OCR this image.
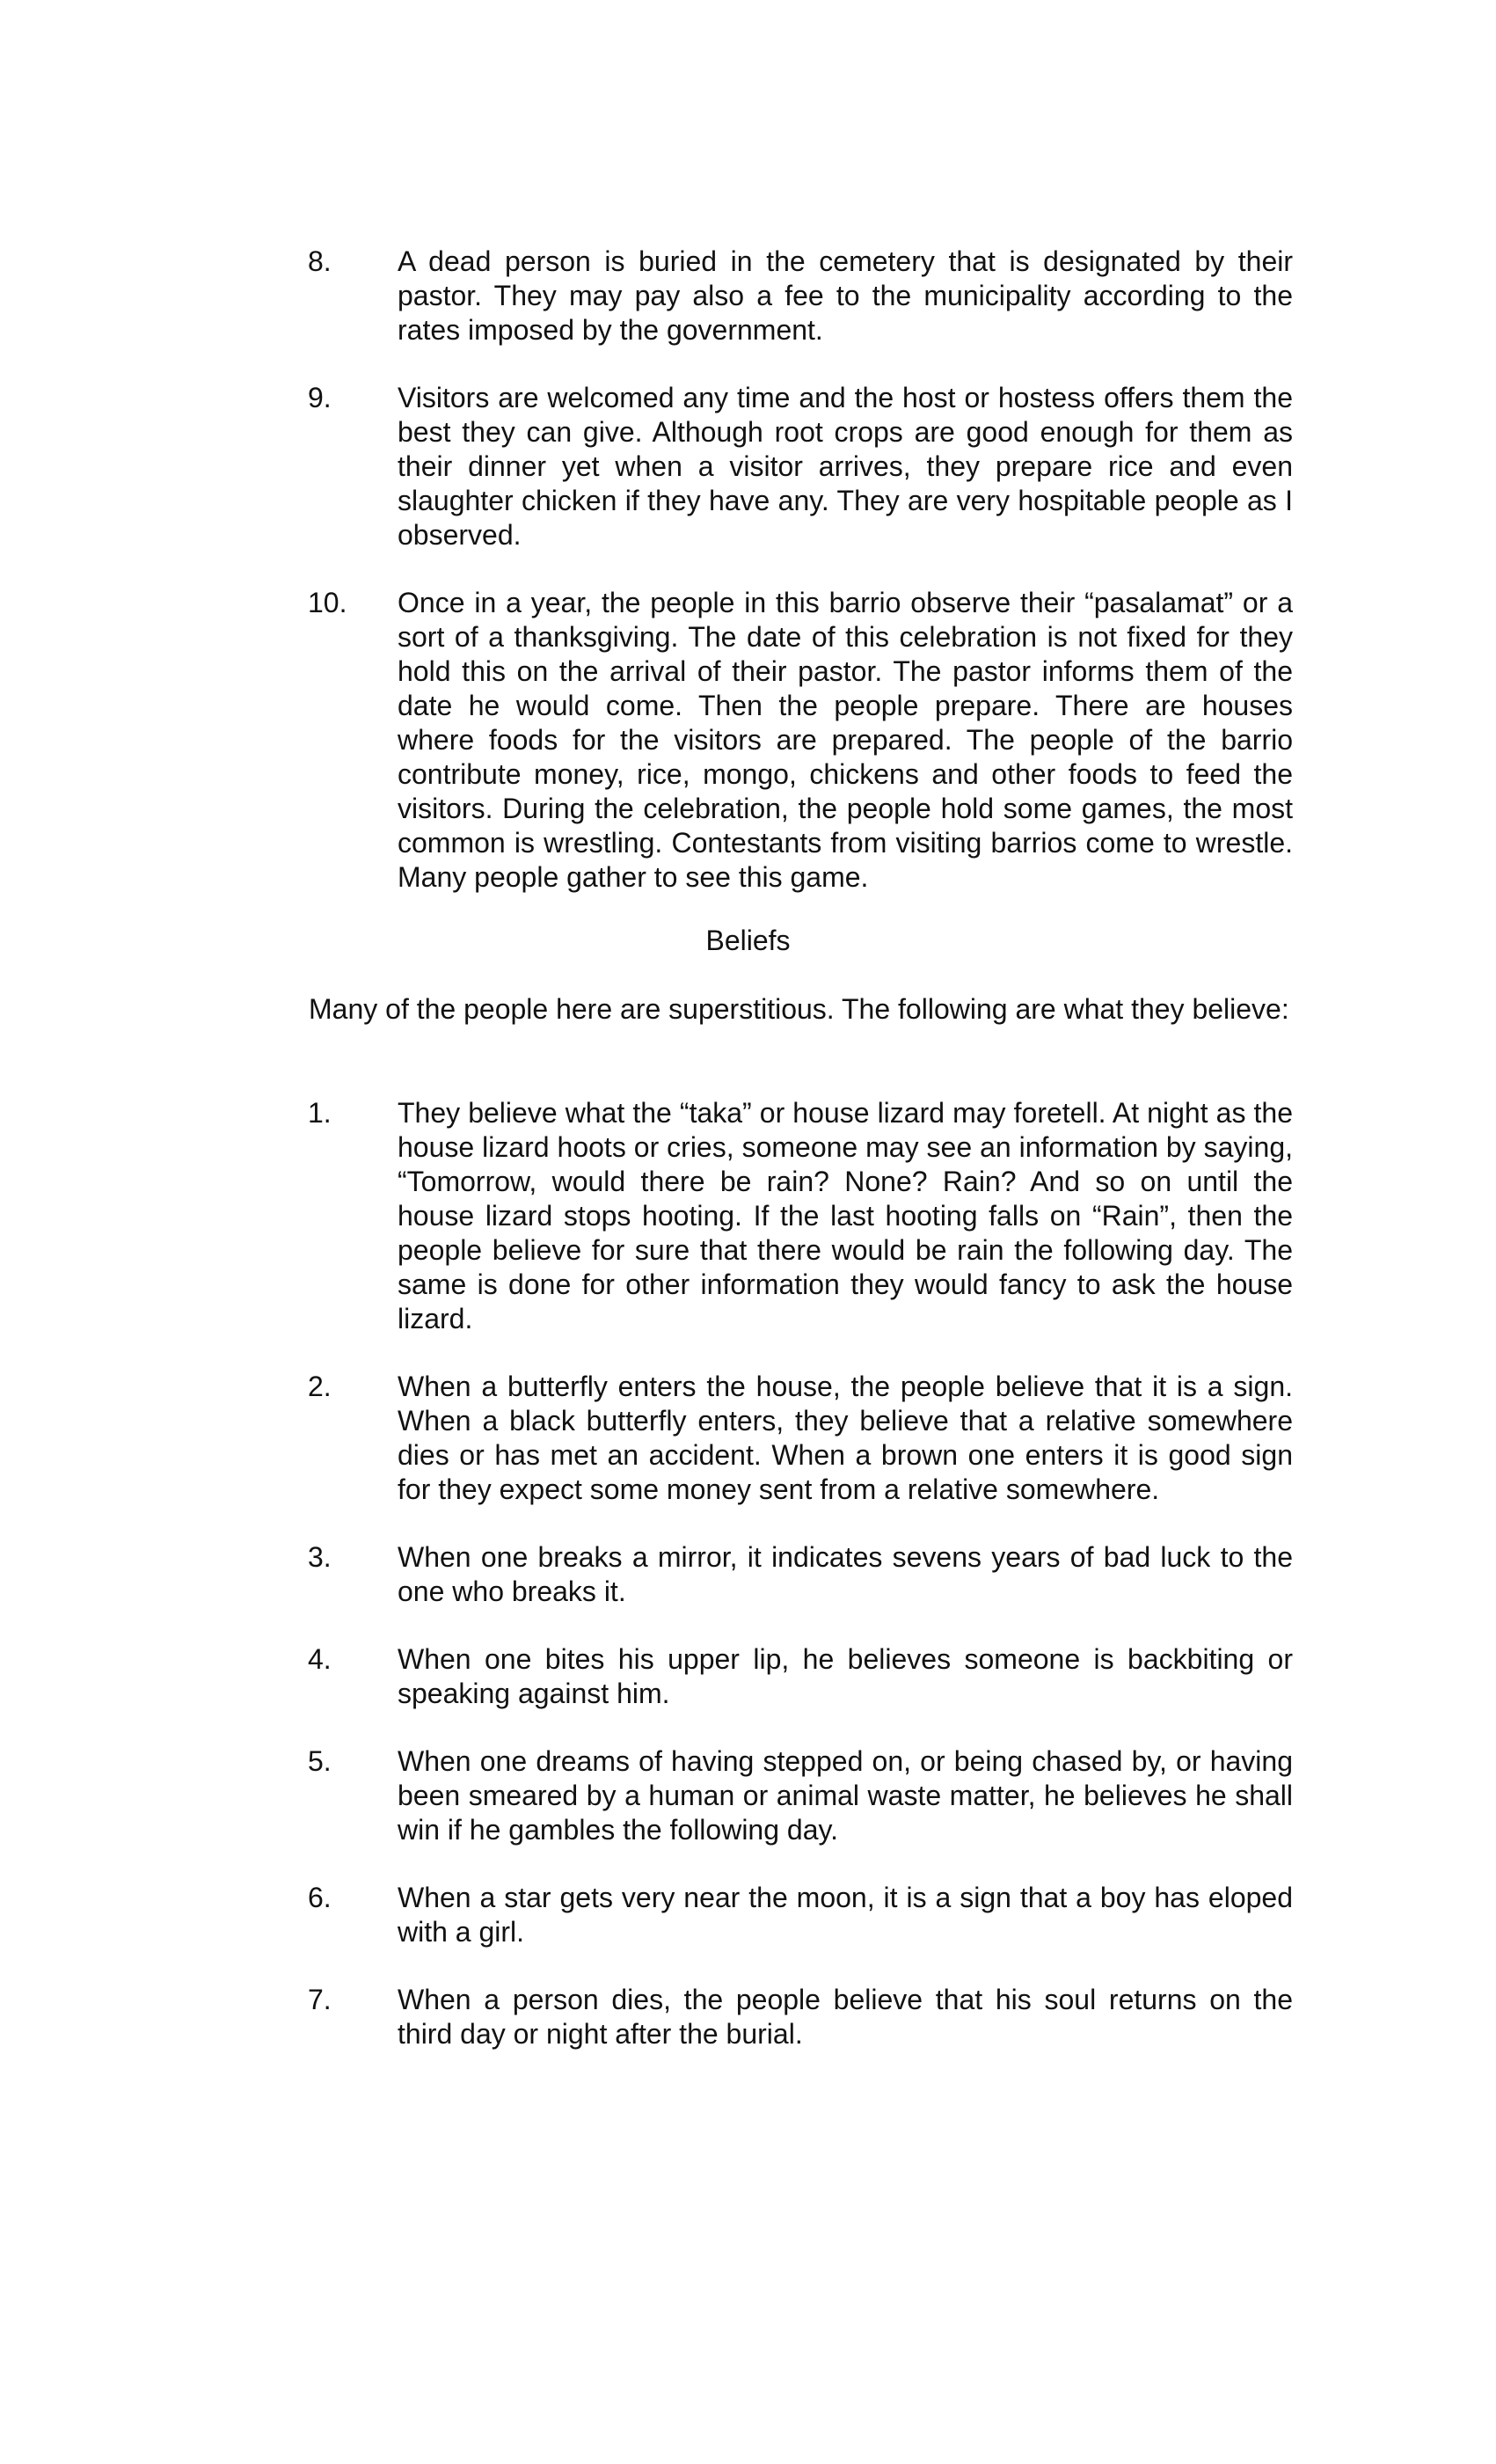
8. A dead person is buried in the cemetery that is designated by their pastor. They may pay also a fee to the municipality according to the rates imposed by the government.
9. Visitors are welcomed any time and the host or hostess offers them the best they can give. Although root crops are good enough for them as their dinner yet when a visitor arrives, they prepare rice and even slaughter chicken if they have any. They are very hospitable people as I observed.
10. Once in a year, the people in this barrio observe their “pasalamat” or a sort of a thanksgiving. The date of this celebration is not fixed for they hold this on the arrival of their pastor. The pastor informs them of the date he would come. Then the people prepare. There are houses where foods for the visitors are prepared. The people of the barrio contribute money, rice, mongo, chickens and other foods to feed the visitors. During the celebration, the people hold some games, the most common is wrestling. Contestants from visiting barrios come to wrestle. Many people gather to see this game.
Beliefs
Many of the people here are superstitious. The following are what they believe:
1. They believe what the “taka” or house lizard may foretell. At night as the house lizard hoots or cries, someone may see an information by saying, “Tomorrow, would there be rain? None? Rain? And so on until the house lizard stops hooting. If the last hooting falls on “Rain”, then the people believe for sure that there would be rain the following day. The same is done for other information they would fancy to ask the house lizard.
2. When a butterfly enters the house, the people believe that it is a sign. When a black butterfly enters, they believe that a relative somewhere dies or has met an accident. When a brown one enters it is good sign for they expect some money sent from a relative somewhere.
3. When one breaks a mirror, it indicates sevens years of bad luck to the one who breaks it.
4. When one bites his upper lip, he believes someone is backbiting or speaking against him.
5. When one dreams of having stepped on, or being chased by, or having been smeared by a human or animal waste matter, he believes he shall win if he gambles the following day.
6. When a star gets very near the moon, it is a sign that a boy has eloped with a girl.
7. When a person dies, the people believe that his soul returns on the third day or night after the burial.
